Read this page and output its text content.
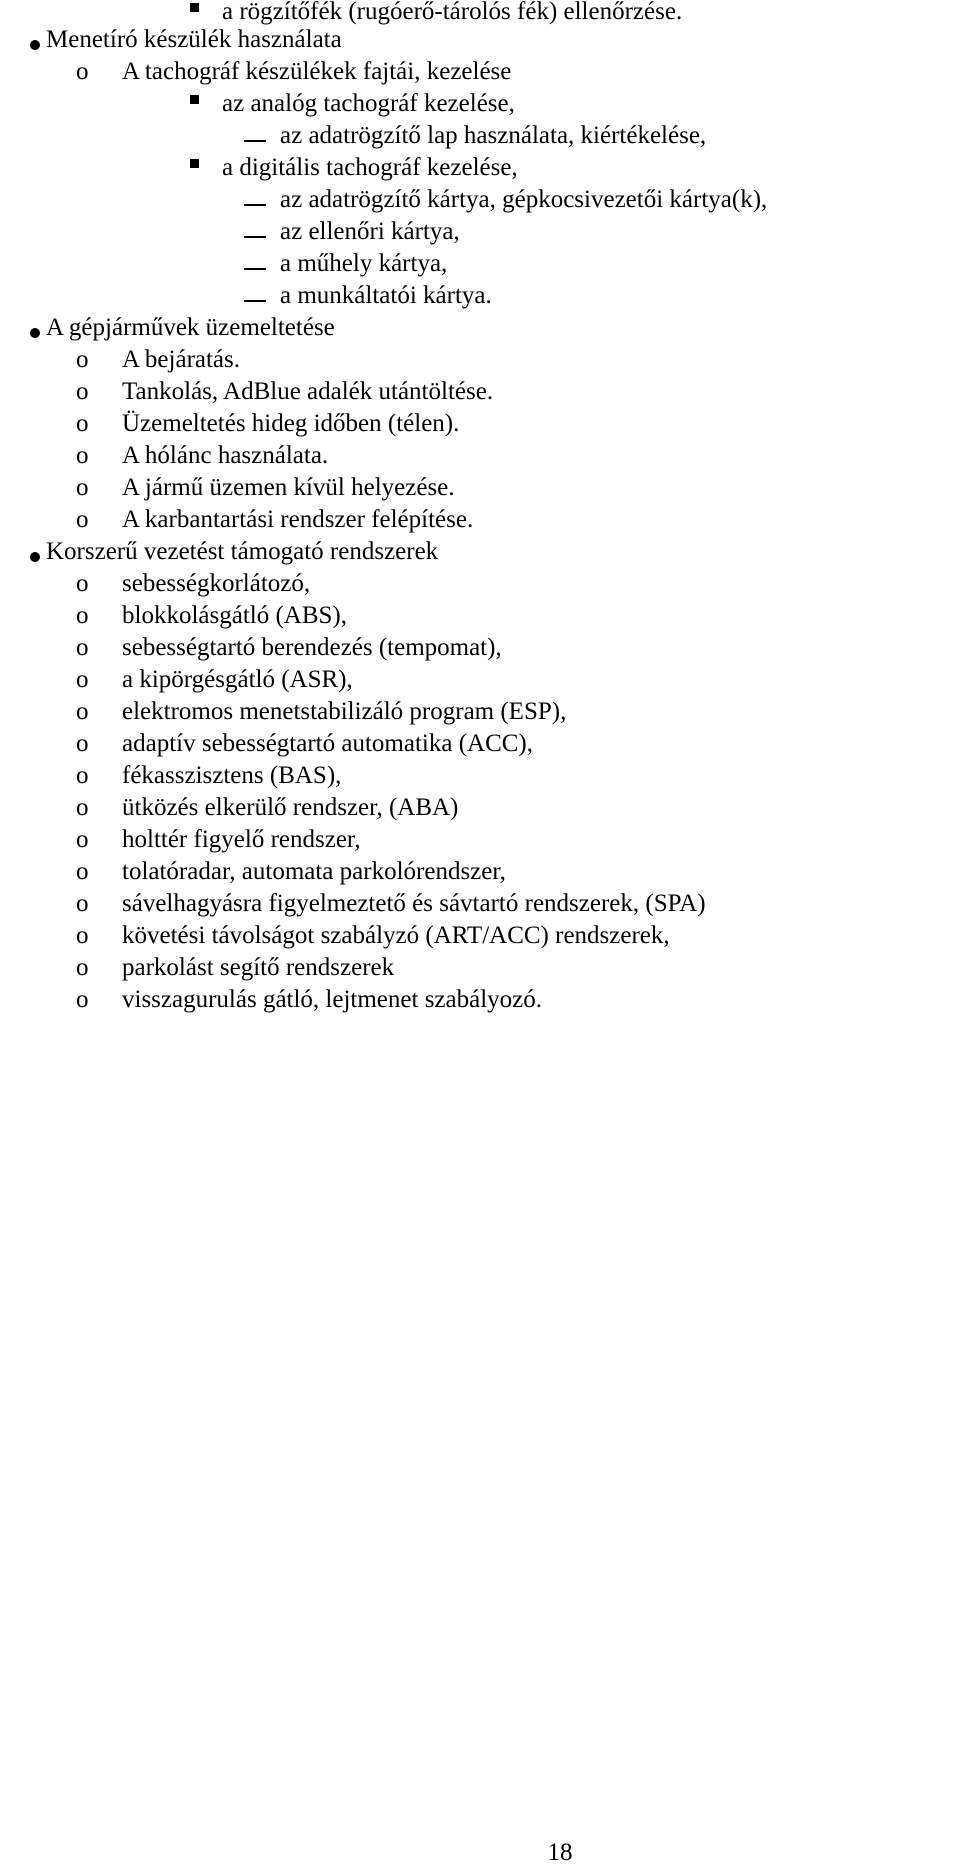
a rögzítőfék (rugóerő-tárolós fék) ellenőrzése.
Menetíró készülék használata
o A tachográf készülékek fajtái, kezelése
az analóg tachográf kezelése,
az adatrögzítő lap használata, kiértékelése,
a digitális tachográf kezelése,
az adatrögzítő kártya, gépkocsivezetői kártya(k),
az ellenőri kártya,
a műhely kártya,
a munkáltatói kártya.
A gépjárművek üzemeltetése
o A bejáratás.
o Tankolás, AdBlue adalék utántöltése.
o Üzemeltetés hideg időben (télen).
o A hólánc használata.
o A jármű üzemen kívül helyezése.
o A karbantartási rendszer felépítése.
Korszerű vezetést támogató rendszerek
o sebességkorlátozó,
o blokkolásgátló (ABS),
o sebességtartó berendezés (tempomat),
o a kipörgésgátló (ASR),
o elektromos menetstabilizáló program (ESP),
o adaptív sebességtartó automatika (ACC),
o fékasszisztens (BAS),
o ütközés elkerülő rendszer, (ABA)
o holttér figyelő rendszer,
o tolatóradar, automata parkolórendszer,
o sávelhagyásra figyelmeztető és sávtartó rendszerek, (SPA)
o követési távolságot szabályzó (ART/ACC) rendszerek,
o parkolást segítő rendszerek
o visszagurulás gátló, lejtmenet szabályozó.
18
